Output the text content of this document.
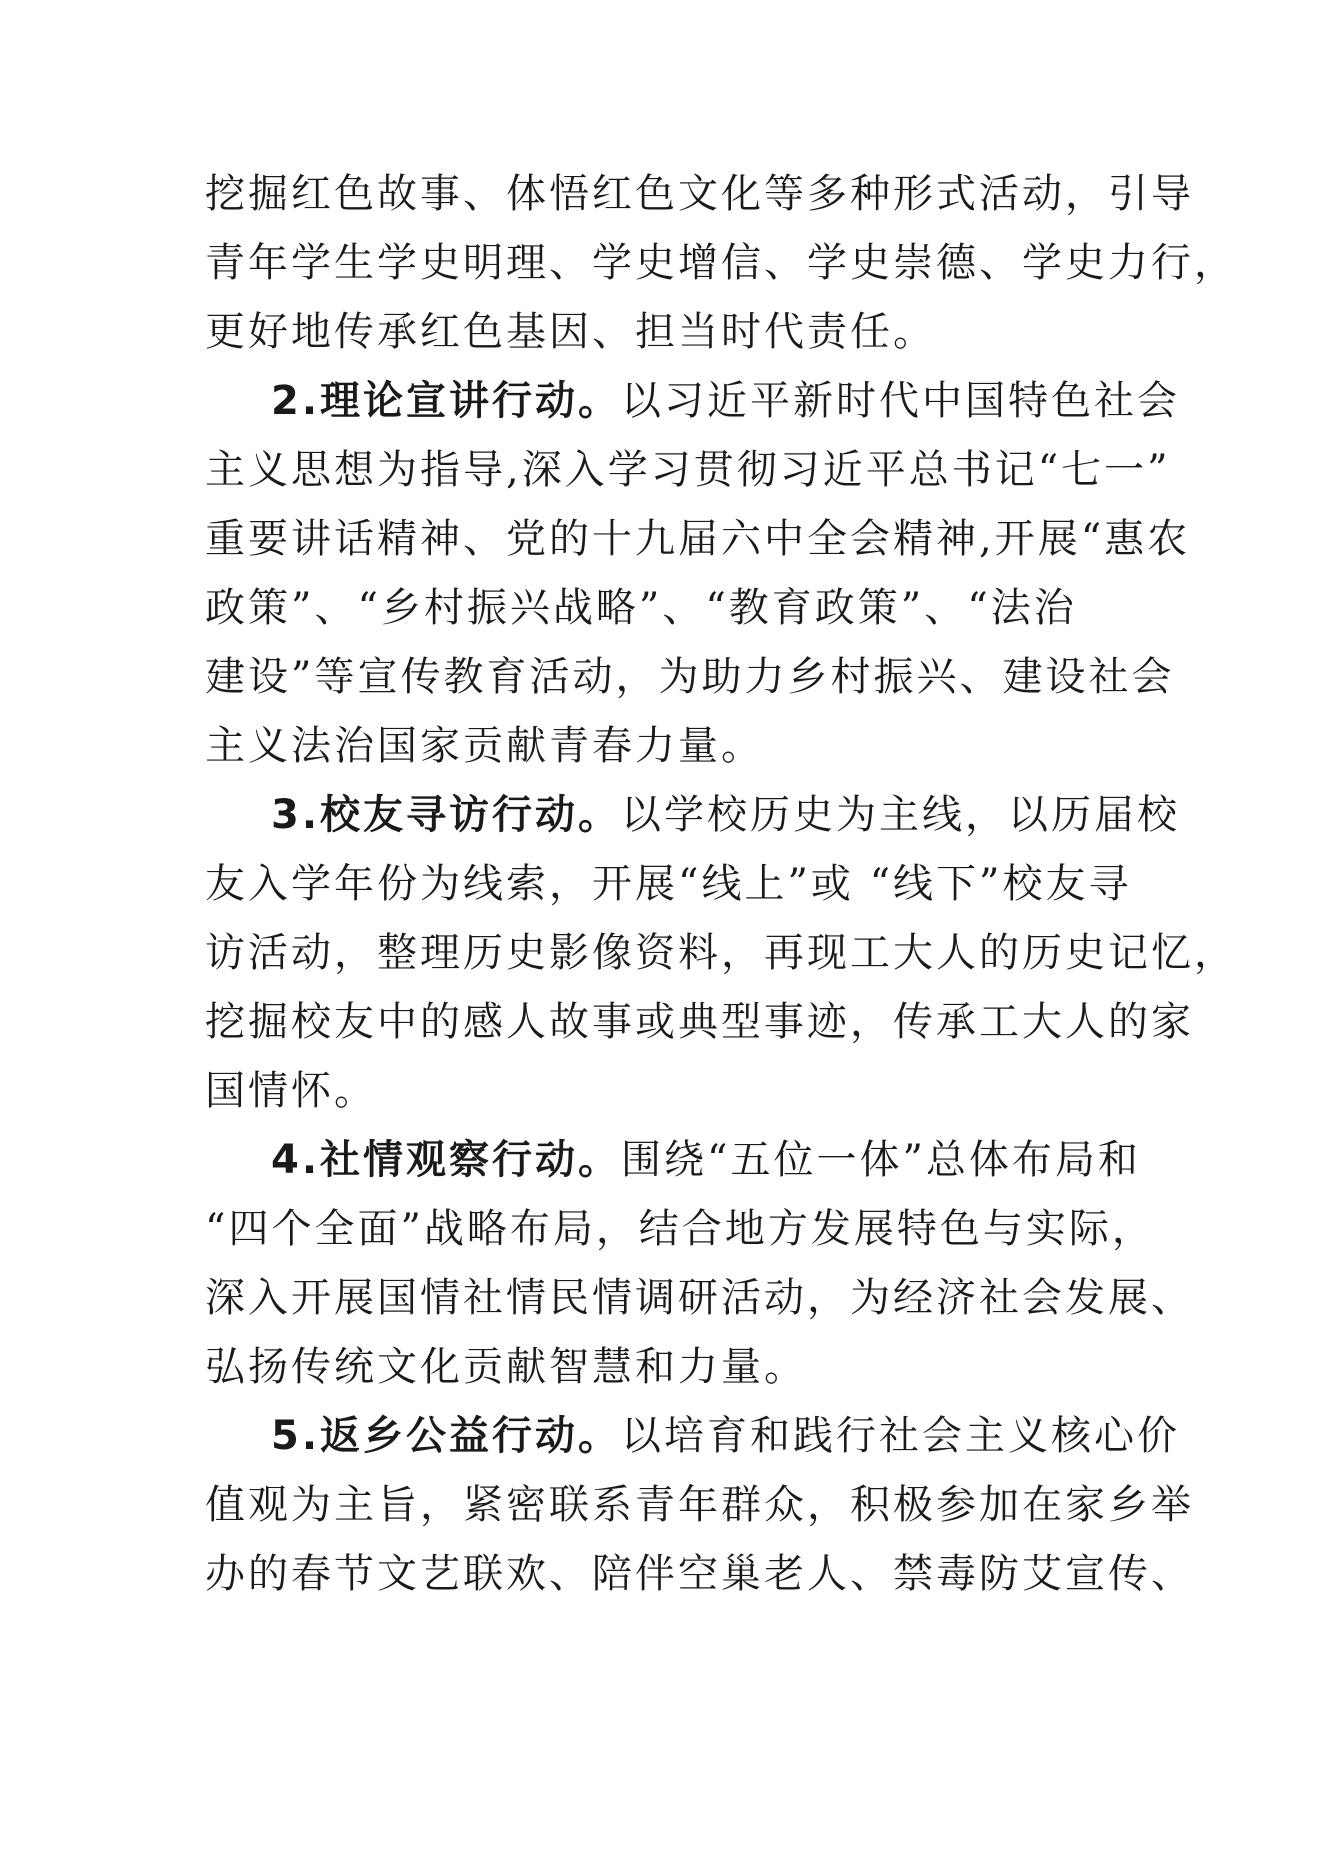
挖掘红色故事、体悟红色文化等多种形式活动，引导
青年学生学史明理、学史增信、学史崇德、学史力行，
更好地传承红色基因、担当时代责任。
2.理论宣讲行动。以习近平新时代中国特色社会
主义思想为指导,深入学习贯彻习近平总书记“七一”
重要讲话精神、党的十九届六中全会精神,开展“惠农
政策”、“乡村振兴战略”、“教育政策”、“法治
建设”等宣传教育活动，为助力乡村振兴、建设社会
主义法治国家贡献青春力量。
3.校友寻访行动。以学校历史为主线，以历届校
友入学年份为线索，开展“线上”或 “线下”校友寻
访活动，整理历史影像资料，再现工大人的历史记忆，
挖掘校友中的感人故事或典型事迹，传承工大人的家
国情怀。
4.社情观察行动。围绕“五位一体”总体布局和
“四个全面”战略布局，结合地方发展特色与实际，
深入开展国情社情民情调研活动，为经济社会发展、
弘扬传统文化贡献智慧和力量。
5.返乡公益行动。以培育和践行社会主义核心价
值观为主旨，紧密联系青年群众，积极参加在家乡举
办的春节文艺联欢、陪伴空巢老人、禁毒防艾宣传、
